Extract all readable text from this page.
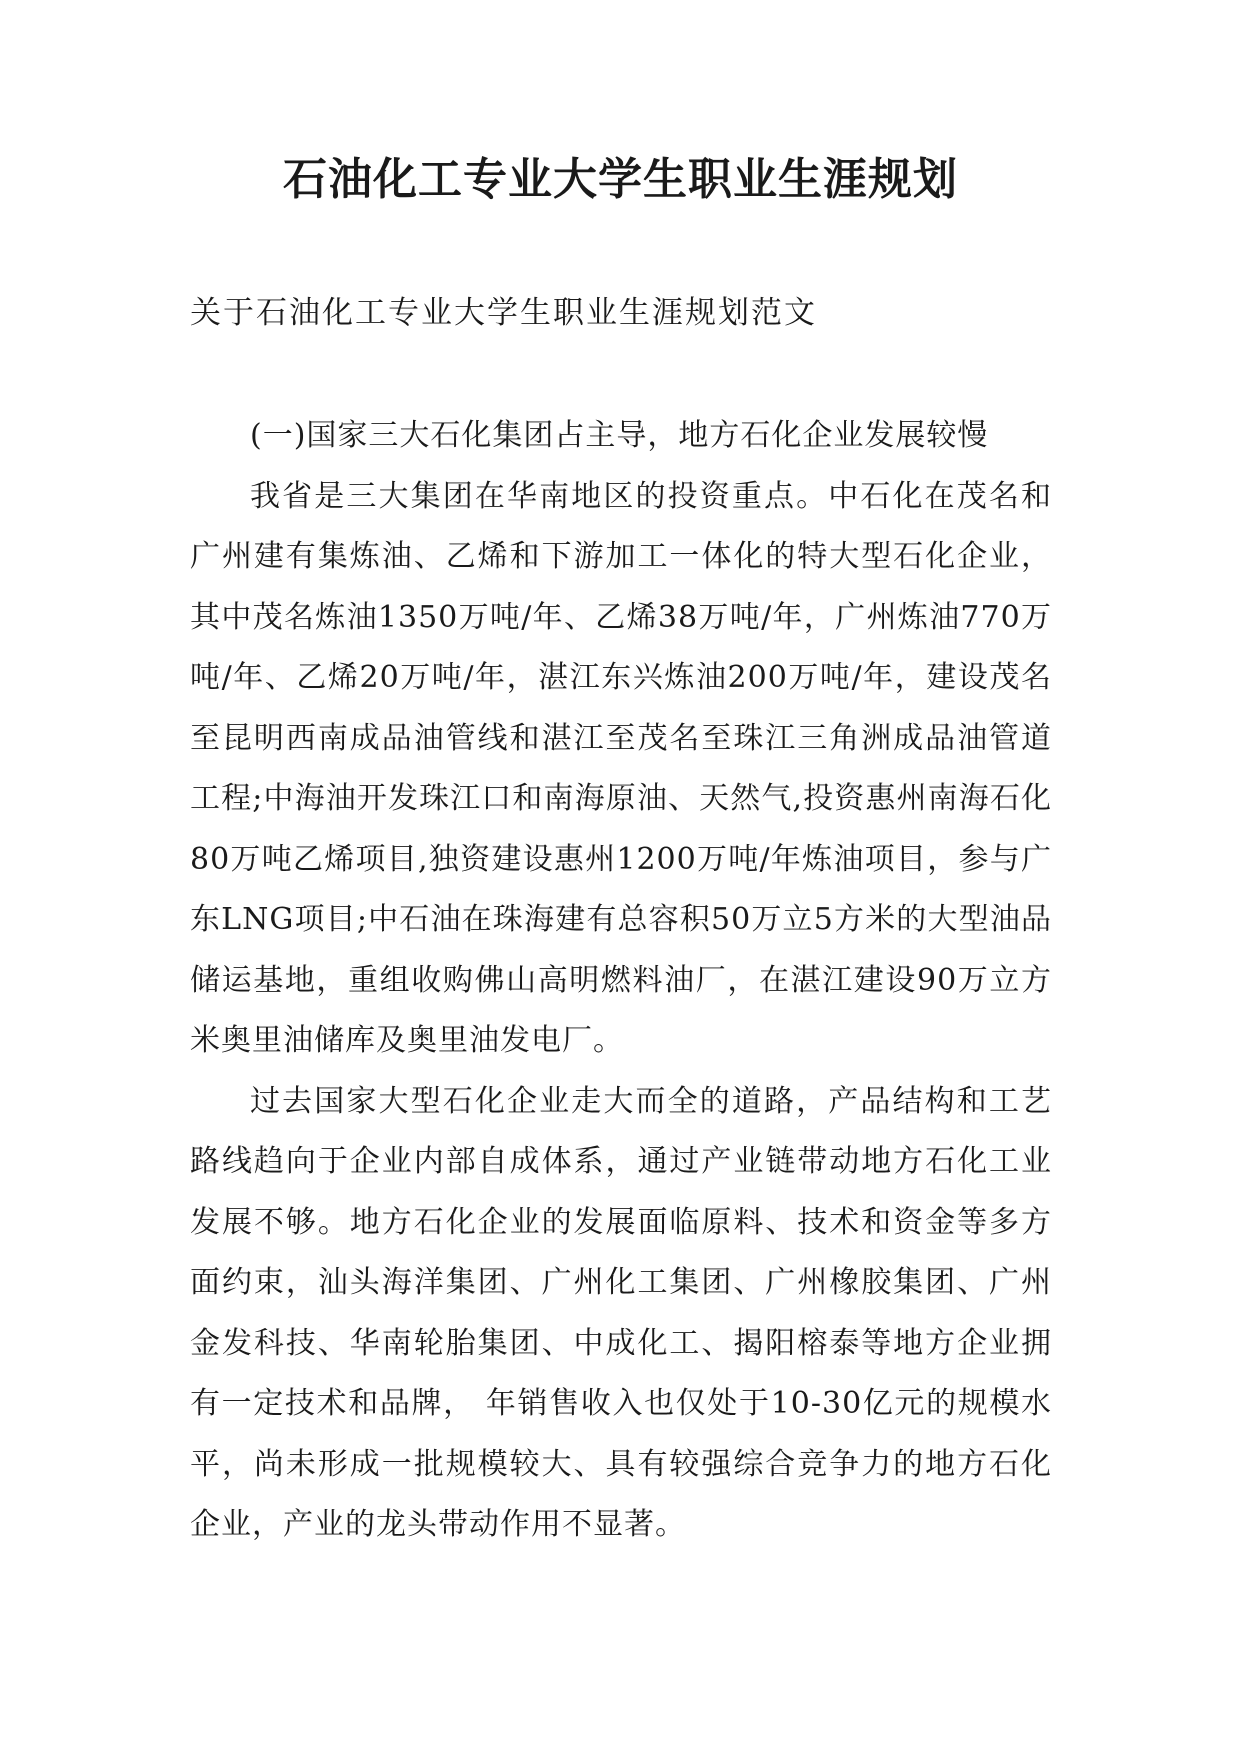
石油化工专业大学生职业生涯规划
关于石油化工专业大学生职业生涯规划范文

(一)国家三大石化集团占主导，地方石化企业发展较慢

我省是三大集团在华南地区的投资重点。中石化在茂名和广州建有集炼油、乙烯和下游加工一体化的特大型石化企业，其中茂名炼油1350万吨/年、乙烯38万吨/年，广州炼油770万吨/年、乙烯20万吨/年，湛江东兴炼油200万吨/年，建设茂名至昆明西南成品油管线和湛江至茂名至珠江三角洲成品油管道工程;中海油开发珠江口和南海原油、天然气,投资惠州南海石化80万吨乙烯项目,独资建设惠州1200万吨/年炼油项目，参与广东LNG项目;中石油在珠海建有总容积50万立5方米的大型油品储运基地，重组收购佛山高明燃料油厂，在湛江建设90万立方米奥里油储库及奥里油发电厂。

过去国家大型石化企业走大而全的道路，产品结构和工艺路线趋向于企业内部自成体系，通过产业链带动地方石化工业发展不够。地方石化企业的发展面临原料、技术和资金等多方面约束，汕头海洋集团、广州化工集团、广州橡胶集团、广州金发科技、华南轮胎集团、中成化工、揭阳榕泰等地方企业拥有一定技术和品牌， 年销售收入也仅处于10-30亿元的规模水平，尚未形成一批规模较大、具有较强综合竞争力的地方石化企业，产业的龙头带动作用不显著。
